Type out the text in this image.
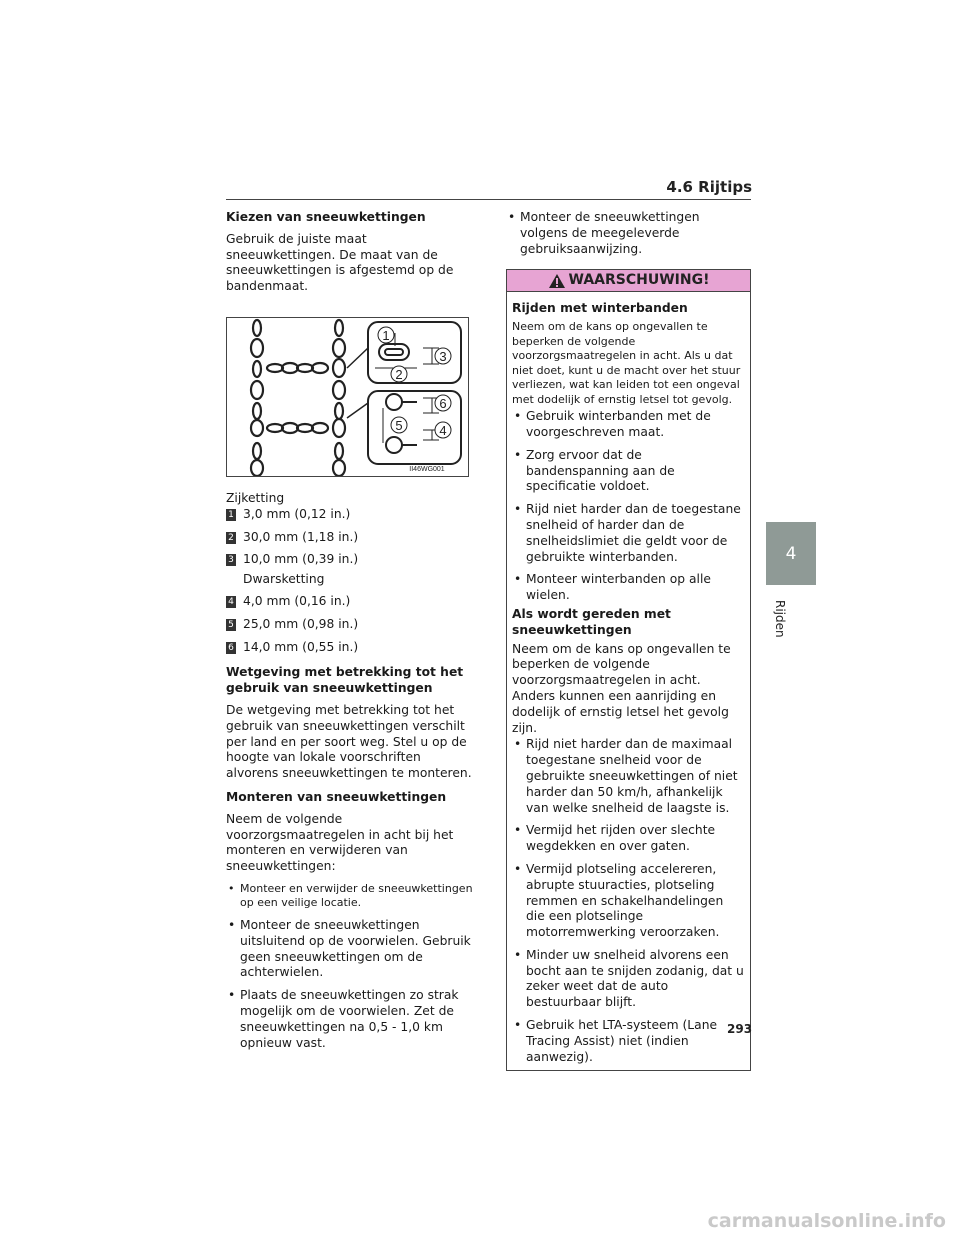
4.6 Rijtips
4
Rijden

Kiezen van sneeuwkettingen

Gebruik de juiste maat sneeuwkettingen. De maat van de sneeuwkettingen is afgestemd op de bandenmaat.

1
2
3
4
5
6
II46WG001

Zijketting

1 3,0 mm (0,12 in.)
2 30,0 mm (1,18 in.)
3 10,0 mm (0,39 in.)

Dwarsketting

4 4,0 mm (0,16 in.)
5 25,0 mm (0,98 in.)
6 14,0 mm (0,55 in.)

Wetgeving met betrekking tot het gebruik van sneeuwkettingen

De wetgeving met betrekking tot het gebruik van sneeuwkettingen verschilt per land en per soort weg. Stel u op de hoogte van lokale voorschriften alvorens sneeuwkettingen te monteren.

Monteren van sneeuwkettingen

Neem de volgende voorzorgsmaatregelen in acht bij het monteren en verwijderen van sneeuwkettingen:

• Monteer en verwijder de sneeuwkettingen op een veilige locatie.
• Monteer de sneeuwkettingen uitsluitend op de voorwielen. Gebruik geen sneeuwkettingen om de achterwielen.
• Plaats de sneeuwkettingen zo strak mogelijk om de voorwielen. Zet de sneeuwkettingen na 0,5 - 1,0 km opnieuw vast.
• Monteer de sneeuwkettingen volgens de meegeleverde gebruiksaanwijzing.
WAARSCHUWING!

Rijden met winterbanden

Neem om de kans op ongevallen te beperken de volgende voorzorgsmaatregelen in acht. Als u dat niet doet, kunt u de macht over het stuur verliezen, wat kan leiden tot een ongeval met dodelijk of ernstig letsel tot gevolg.

• Gebruik winterbanden met de voorgeschreven maat.
• Zorg ervoor dat de bandenspanning aan de specificatie voldoet.
• Rijd niet harder dan de toegestane snelheid of harder dan de snelheidslimiet die geldt voor de gebruikte winterbanden.
• Monteer winterbanden op alle wielen.

Als wordt gereden met sneeuwkettingen

Neem om de kans op ongevallen te beperken de volgende voorzorgsmaatregelen in acht. Anders kunnen een aanrijding en dodelijk of ernstig letsel het gevolg zijn.

• Rijd niet harder dan de maximaal toegestane snelheid voor de gebruikte sneeuwkettingen of niet harder dan 50 km/h, afhankelijk van welke snelheid de laagste is.
• Vermijd het rijden over slechte wegdekken en over gaten.
• Vermijd plotseling accelereren, abrupte stuuracties, plotseling remmen en schakelhandelingen die een plotselinge motorremwerking veroorzaken.
• Minder uw snelheid alvorens een bocht aan te snijden zodanig, dat u zeker weet dat de auto bestuurbaar blijft.
• Gebruik het LTA-systeem (Lane Tracing Assist) niet (indien aanwezig).
293
carmanualsonline.info
